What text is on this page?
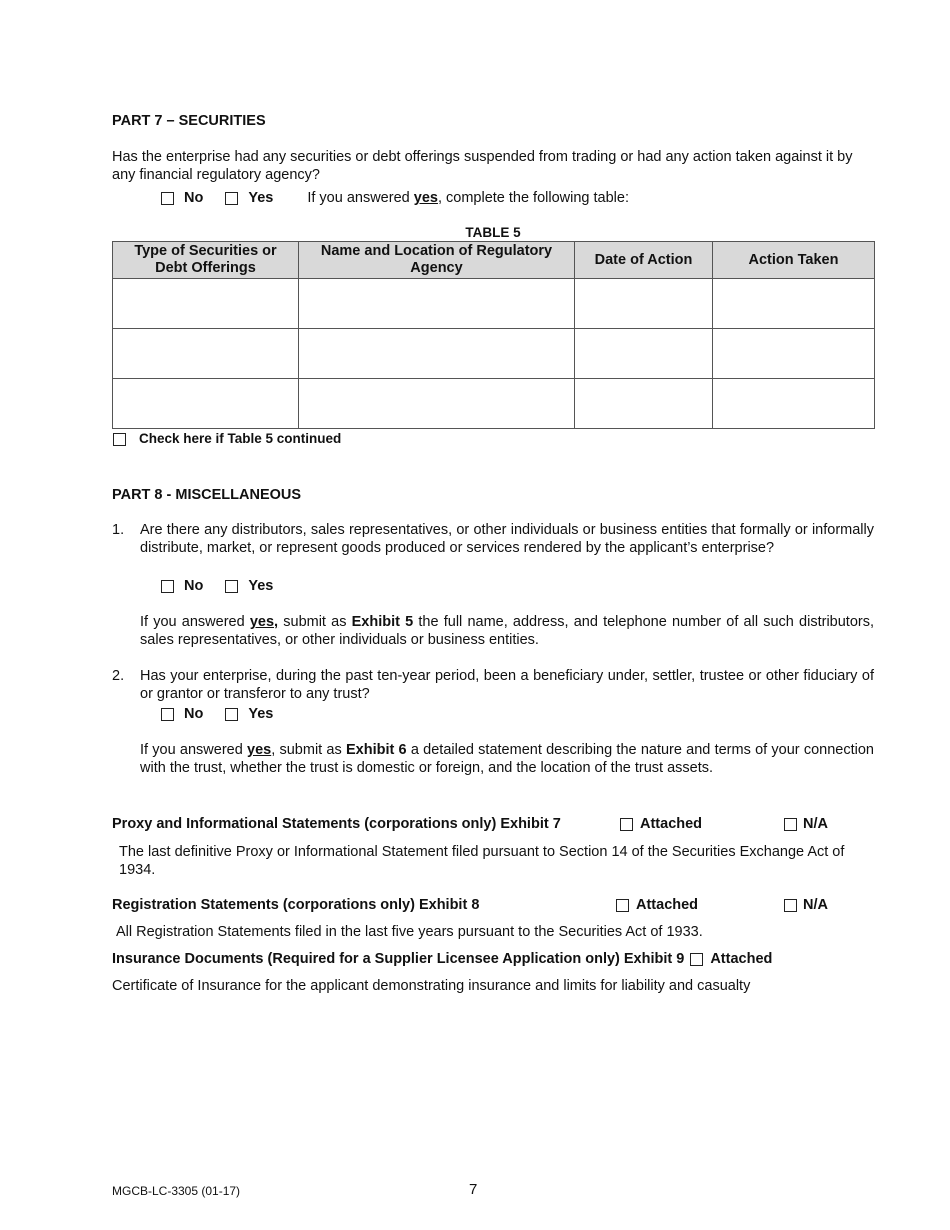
PART 7 – SECURITIES
Has the enterprise had any securities or debt offerings suspended from trading or had any action taken against it by any financial regulatory agency?
No	Yes If you answered yes, complete the following table:
TABLE 5
Type of Securities or Debt Offerings	Name and Location of Regulatory Agency	Date of Action	Action Taken

Check here if Table 5 continued
PART 8 - MISCELLANEOUS
1. Are there any distributors, sales representatives, or other individuals or business entities that formally or informally distribute, market, or represent goods produced or services rendered by the applicant’s enterprise?
No	Yes
If you answered yes, submit as Exhibit 5 the full name, address, and telephone number of all such distributors, sales representatives, or other individuals or business entities.
2. Has your enterprise, during the past ten-year period, been a beneficiary under, settler, trustee or other fiduciary of or grantor or transferor to any trust?
No	Yes
If you answered yes, submit as Exhibit 6 a detailed statement describing the nature and terms of your connection with the trust, whether the trust is domestic or foreign, and the location of the trust assets.
Proxy and Informational Statements (corporations only) Exhibit 7	Attached	N/A
The last definitive Proxy or Informational Statement filed pursuant to Section 14 of the Securities Exchange Act of 1934.
Registration Statements (corporations only) Exhibit 8	Attached	N/A
All Registration Statements filed in the last five years pursuant to the Securities Act of 1933.
Insurance Documents (Required for a Supplier Licensee Application only) Exhibit 9 Attached
Certificate of Insurance for the applicant demonstrating insurance and limits for liability and casualty
MGCB-LC-3305 (01-17)	7
